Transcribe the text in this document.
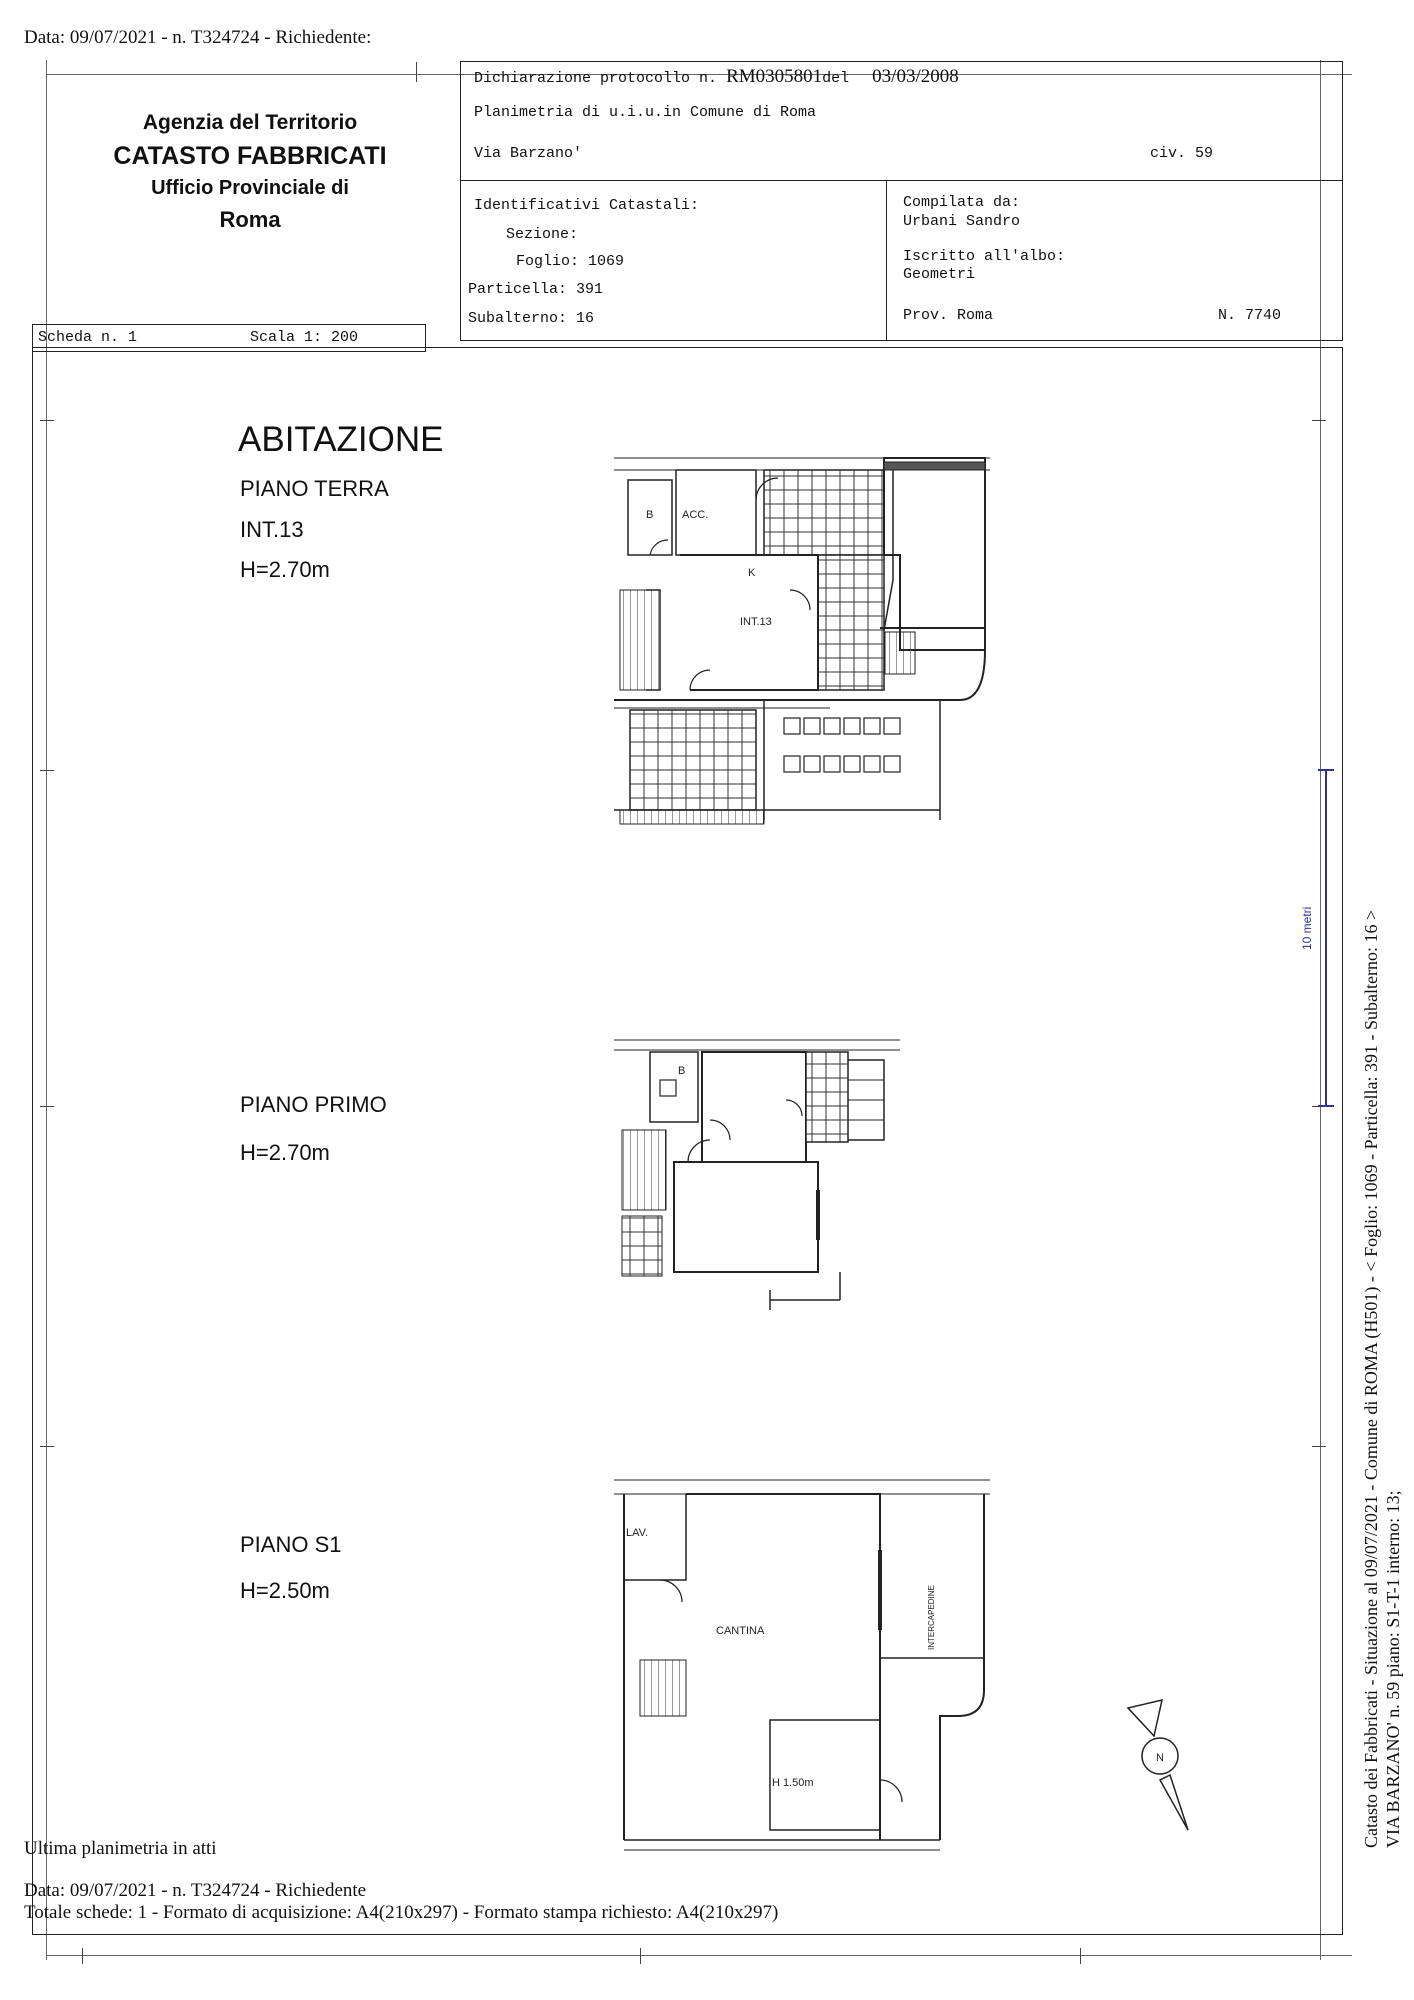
Data: 09/07/2021 - n. T324724 - Richiedente:
Agenzia del Territorio
CATASTO FABBRICATI
Ufficio Provinciale di
Roma
Dichiarazione protocollo n. RM0305801del 03/03/2008
Planimetria di u.i.u.in Comune di Roma
Via Barzano'	civ. 59
Identificativi Catastali:
Sezione:
Foglio: 1069
Particella: 391
Subalterno: 16
Compilata da:
Urbani Sandro
Iscritto all'albo:
Geometri
Prov. Roma	N. 7740
Scheda n. 1	Scala 1: 200
ABITAZIONE
PIANO TERRA
INT.13
H=2.70m
PIANO PRIMO
H=2.70m
PIANO S1
H=2.50m
B	ACC.
K
INT.13
B
LAV.
CANTINA	INTERCAPEDINE
H 1.50m
N
10 metri	Catasto dei Fabbricati - Situazione al 09/07/2021 - Comune di ROMA (H501) - < Foglio: 1069 - Particella: 391 - Subalterno: 16 > VIA BARZANO' n. 59 piano: S1-T-1 interno: 13;
Ultima planimetria in atti
Data: 09/07/2021 - n. T324724 - Richiedente
Totale schede: 1 - Formato di acquisizione: A4(210x297) - Formato stampa richiesto: A4(210x297)
